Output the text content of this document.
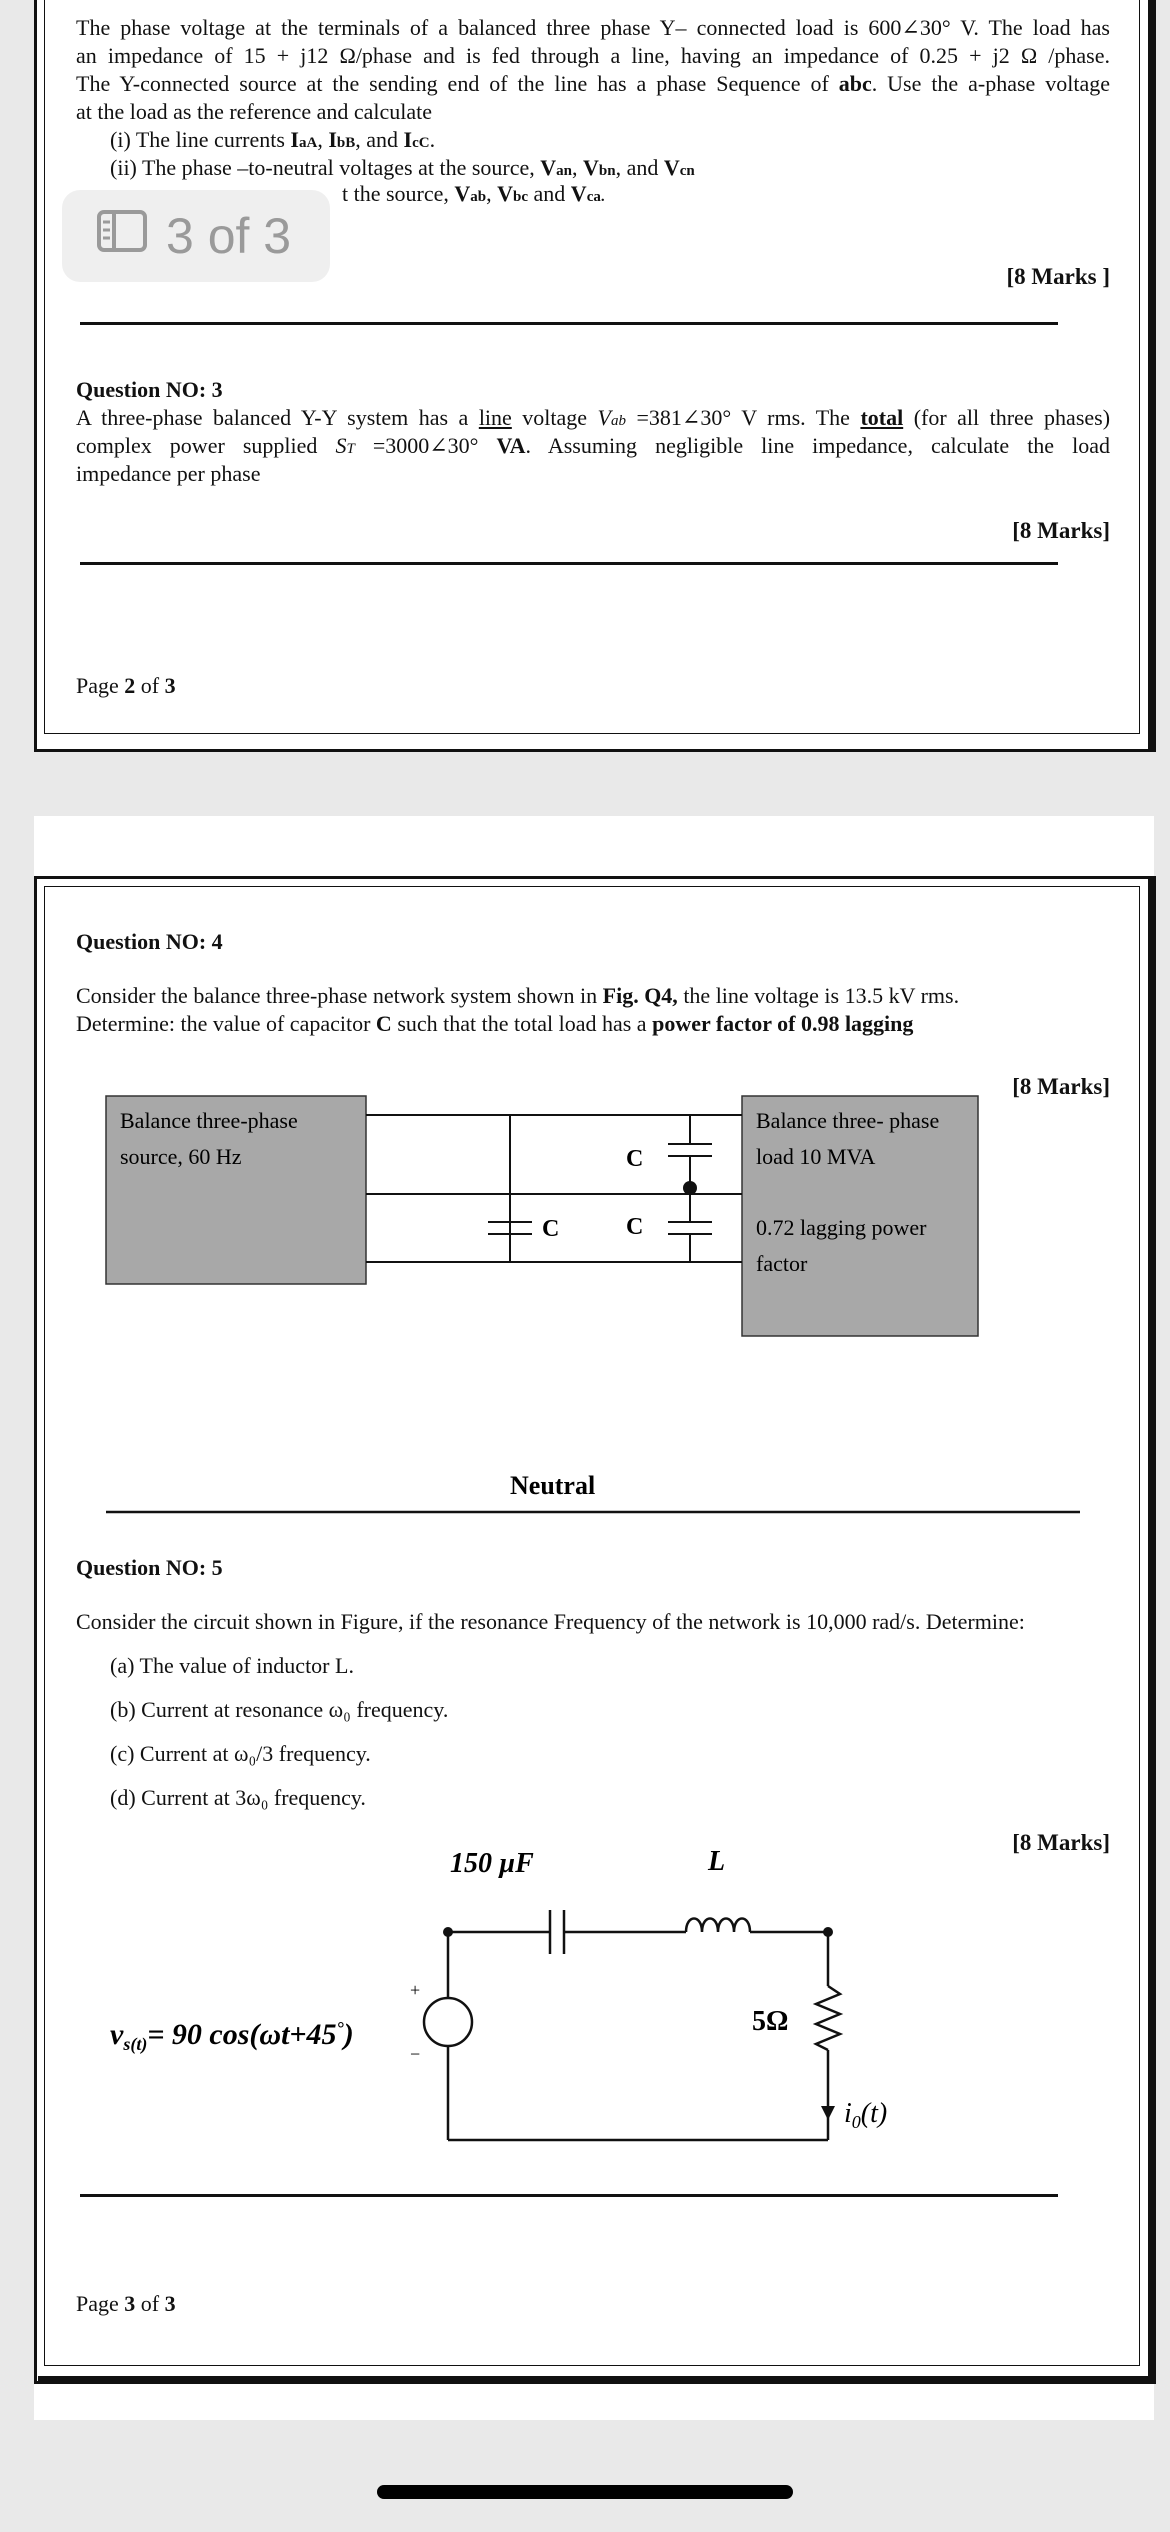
The phase voltage at the terminals of a balanced three phase Y– connected load is 600∠30° V. The load has
an impedance of 15 + j12 Ω/phase and is fed through a line, having an impedance of 0.25 + j2 Ω /phase.
The Y-connected source at the sending end of the line has a phase Sequence of abc. Use the a-phase voltage
at the load as the reference and calculate
(i) The line currents IaA, IbB, and IcC.
(ii) The phase –to-neutral voltages at the source, Van, Vbn, and Vcn
t the source, Vab, Vbc and Vca.
[8 Marks ]
Question NO: 3
A three-phase balanced Y-Y system has a line voltage Vab =381∠30° V rms. The total (for all three phases)
complex power supplied ST =3000∠30° VA. Assuming negligible line impedance, calculate the load
impedance per phase
[8 Marks]
Page 2 of 3
3 of 3
Question NO: 4
Consider the balance three-phase network system shown in Fig. Q4, the line voltage is 13.5 kV rms.
Determine: the value of capacitor C such that the total load has a power factor of 0.98 lagging
[8 Marks]
Balance three-phase
source, 60 Hz
Balance three- phase
load 10 MVA
0.72 lagging power
factor
C
C	C
Neutral
Question NO: 5
Consider the circuit shown in Figure, if the resonance Frequency of the network is 10,000 rad/s. Determine:
(a) The value of inductor L.
(b) Current at resonance ω₀ frequency.
(c) Current at ω₀/3 frequency.
(d) Current at 3ω₀ frequency.
[8 Marks]
150 µF	L
5Ω
+
−
$v_{s(t)}= 90$ cos(ωt+45°)
$i_0(t)$
Page 3 of 3
